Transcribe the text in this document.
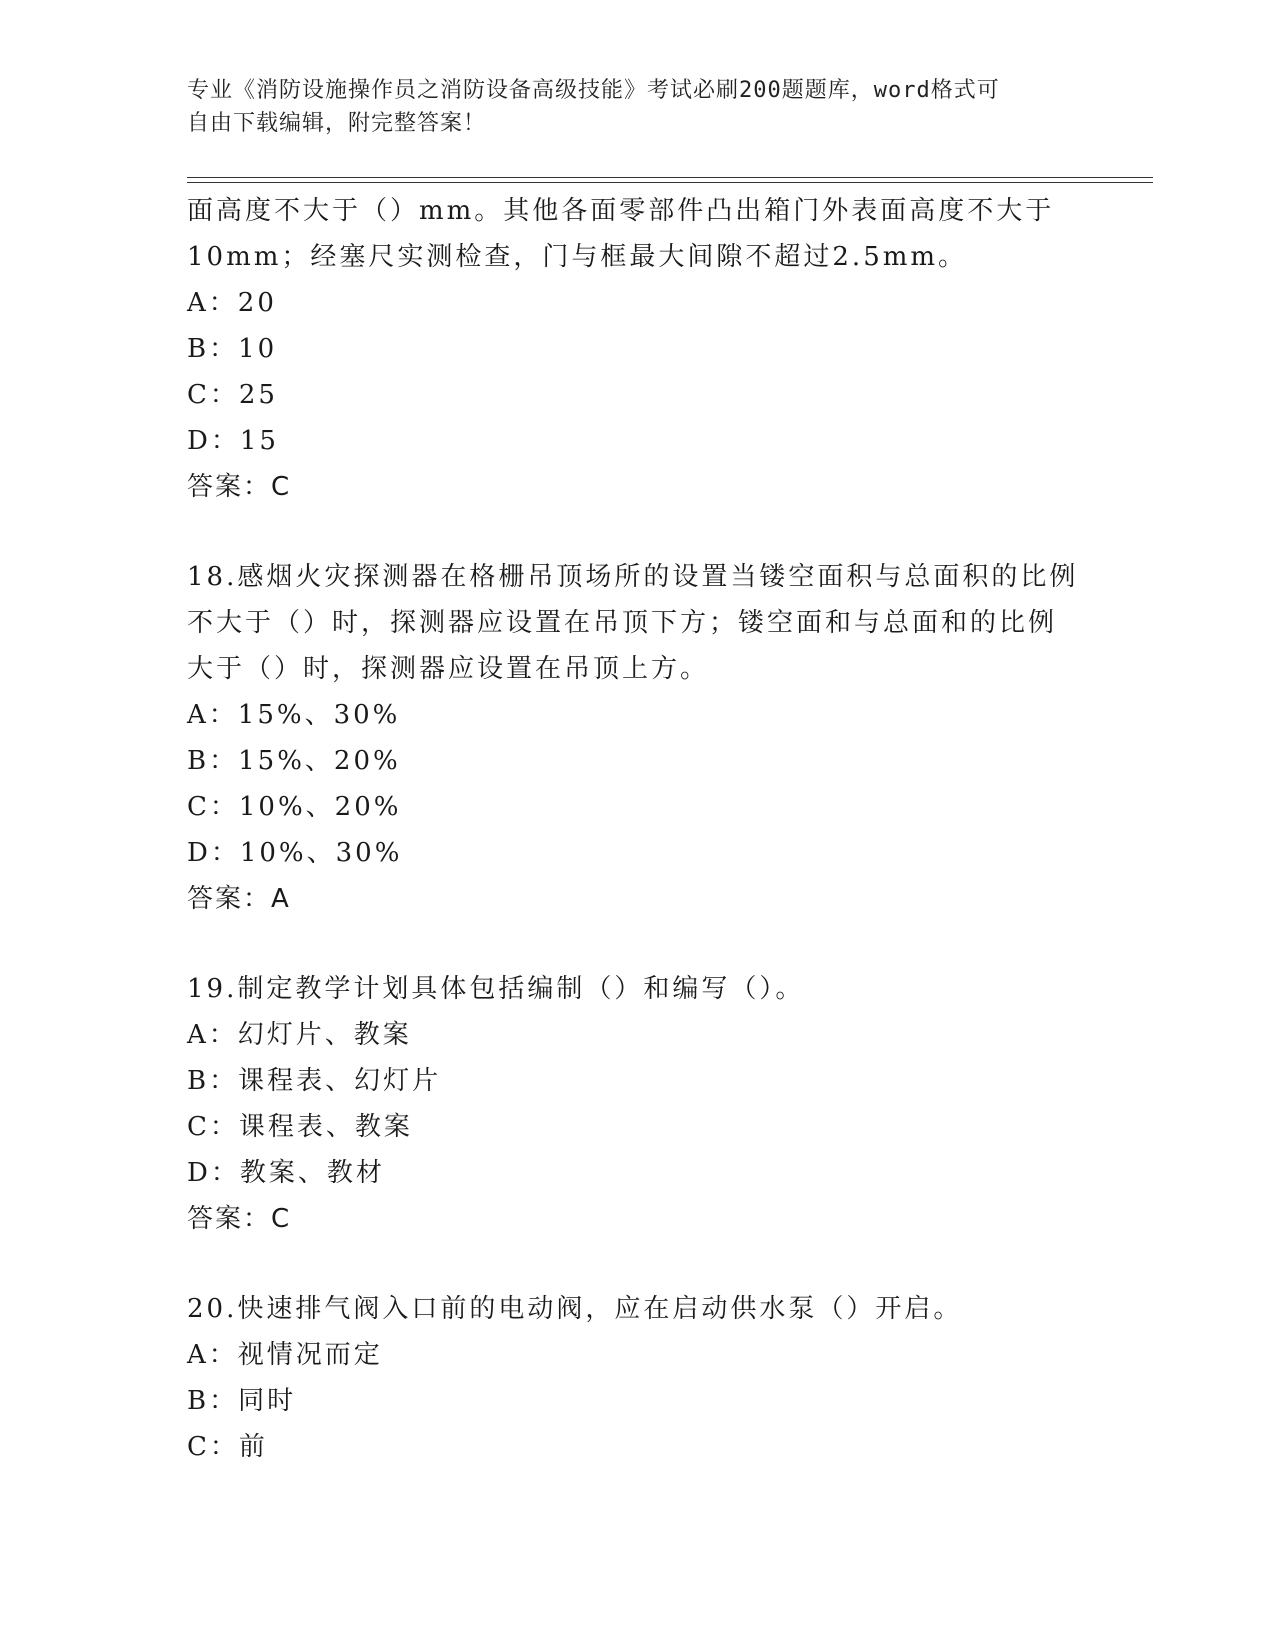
专业《消防设施操作员之消防设备高级技能》考试必刷200题题库，word格式可
自由下载编辑，附完整答案！
面高度不大于（）mm。其他各面零部件凸出箱门外表面高度不大于
10mm；经塞尺实测检查，门与框最大间隙不超过2.5mm。
A：20
B：10
C：25
D：15
答案：C
18.感烟火灾探测器在格栅吊顶场所的设置当镂空面积与总面积的比例
不大于（）时，探测器应设置在吊顶下方；镂空面和与总面和的比例
大于（）时，探测器应设置在吊顶上方。
A：15%、30%
B：15%、20%
C：10%、20%
D：10%、30%
答案：A
19.制定教学计划具体包括编制（）和编写（）。
A：幻灯片、教案
B：课程表、幻灯片
C：课程表、教案
D：教案、教材
答案：C
20.快速排气阀入口前的电动阀，应在启动供水泵（）开启。
A：视情况而定
B：同时
C：前
